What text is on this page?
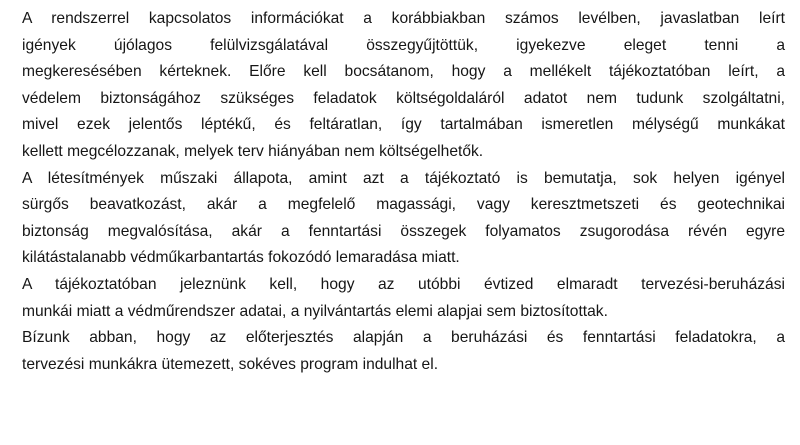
A rendszerrel kapcsolatos információkat a korábbiakban számos levélben, javaslatban leírt
igények újólagos felülvizsgálatával összegyűjtöttük, igyekezve eleget tenni a
megkeresésében kérteknek. Előre kell bocsátanom, hogy a mellékelt tájékoztatóban leírt, a
védelem biztonságához szükséges feladatok költségoldaláról adatot nem tudunk szolgáltatni,
mivel ezek jelentős léptékű, és feltáratlan, így tartalmában ismeretlen mélységű munkákat
kellett megcélozzanak, melyek terv hiányában nem költségelhetők.

A létesítmények műszaki állapota, amint azt a tájékoztató is bemutatja, sok helyen igényel
sürgős beavatkozást, akár a megfelelő magassági, vagy keresztmetszeti és geotechnikai
biztonság megvalósítása, akár a fenntartási összegek folyamatos zsugorodása révén egyre
kilátástalanabb védműkarbantartás fokozódó lemaradása miatt.

A tájékoztatóban jeleznünk kell, hogy az utóbbi évtized elmaradt tervezési-beruházási
munkái miatt a védműrendszer adatai, a nyilvántartás elemi alapjai sem biztosítottak.

Bízunk abban, hogy az előterjesztés alapján a beruházási és fenntartási feladatokra, a
tervezési munkákra ütemezett, sokéves program indulhat el.
